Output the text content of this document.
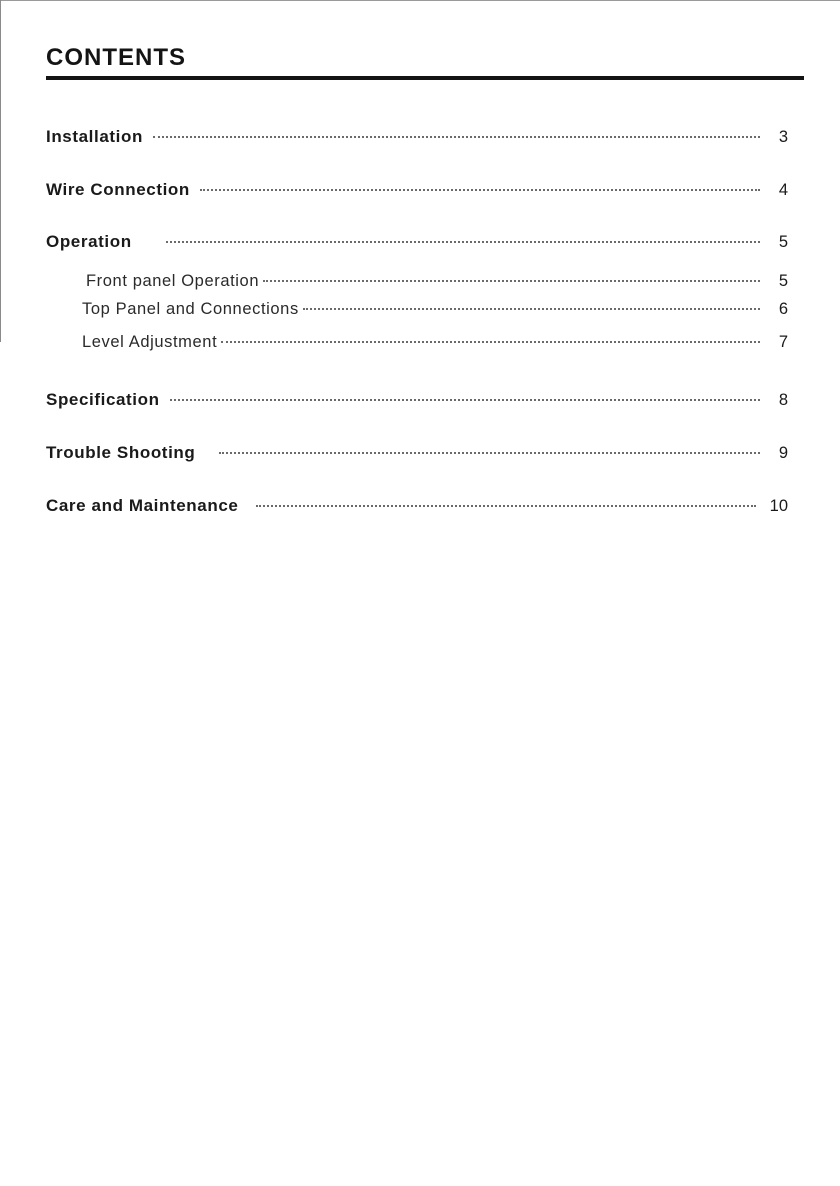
CONTENTS
Installation	3
Wire Connection	4
Operation	5
Front panel Operation	5
Top Panel and Connections	6
Level Adjustment	7
Specification	8
Trouble Shooting	9
Care and Maintenance	10
